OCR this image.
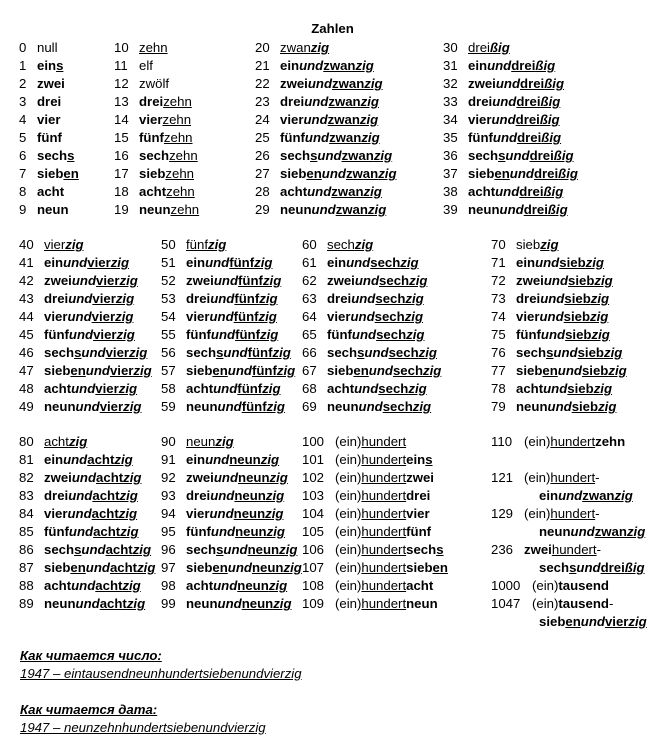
Zahlen
0 null
1 eins
2 zwei
3 drei
4 vier
5 fünf
6 sechs
7 sieben
8 acht
9 neun
10 zehn
11 elf
12 zwölf
13 dreizehn
14 vierzehn
15 fünfzehn
16 sechzehn
17 siebzehn
18 achtzehn
19 neunzehn
20 zwanzig
21 einundzwanzig
22 zweiundzwanzig
23 dreiundzwanzig
24 vierundzwanzig
25 fünfundzwanzig
26 sechsundzwanzig
27 siebenundzwanzig
28 achtundzwanzig
29 neunundzwanzig
30 dreißig
31 einunddreißig
32 zweiunddreißig
33 dreiunddreißig
34 vierunddreißig
35 fünfunddreißig
36 sechsunddreißig
37 siebenunddreißig
38 achtunddreißig
39 neununddreißig
40 vierzig
41 einundvierzig
42 zweiundvierzig
43 dreiundvierzig
44 vierundvierzig
45 fünfundvierzig
46 sechsundvierzig
47 siebenundvierzig
48 achtundvierzig
49 neunundvierzig
50 fünfzig
51 einundfünfzig
52 zweiundfünfzig
53 dreiundfünfzig
54 vierundfünfzig
55 fünfundfünfzig
56 sechsundfünfzig
57 siebenundfünfzig
58 achtundfünfzig
59 neunundfünfzig
60 sechzig
61 einundsechzig
62 zweiundsechzig
63 dreiundsechzig
64 vierundsechzig
65 fünfundsechzig
66 sechsundsechzig
67 siebenundsechzig
68 achtundsechzig
69 neunundsechzig
70 siebzig
71 einundsiebzig
72 zweiundsiebzig
73 dreiundsiebzig
74 vierundsiebzig
75 fünfundsiebzig
76 sechsundsiebzig
77 siebenundsiebzig
78 achtundsiebzig
79 neunundsiebzig
80 achtzig
81 einundachtzig
82 zweiundachtzig
83 dreiundachtzig
84 vierundachtzig
85 fünfundachtzig
86 sechsundachtzig
87 siebenundachtzig
88 achtundachtzig
89 neunundachtzig
90 neunzig
91 einundneunzig
92 zweiundneunzig
93 dreiundneunzig
94 vierundneunzig
95 fünfundneunzig
96 sechsundneunzig
97 siebenundneunzig
98 achtundneunzig
99 neunundneunzig
100 (ein)hundert
101 (ein)hunderteins
102 (ein)hundertzwei
103 (ein)hundertdrei
104 (ein)hundertvier
105 (ein)hundertfünf
106 (ein)hundertsechs
107 (ein)hundertsieben
108 (ein)hundertacht
109 (ein)hundertneun
110 (ein)hundertzehn
121 (ein)hundert-
einundzwanzig
129 (ein)hundert-
neunundzwanzig
236 zweihundert-
sechsunddreißig
1000 (ein)tausend
1047 (ein)tausend-
siebenundvierzig
Как читается число:
1947 – eintausendneunhundertsiebenundvierzig
Как читается дата:
1947 – neunzehnhundertsiebenundvierzig
